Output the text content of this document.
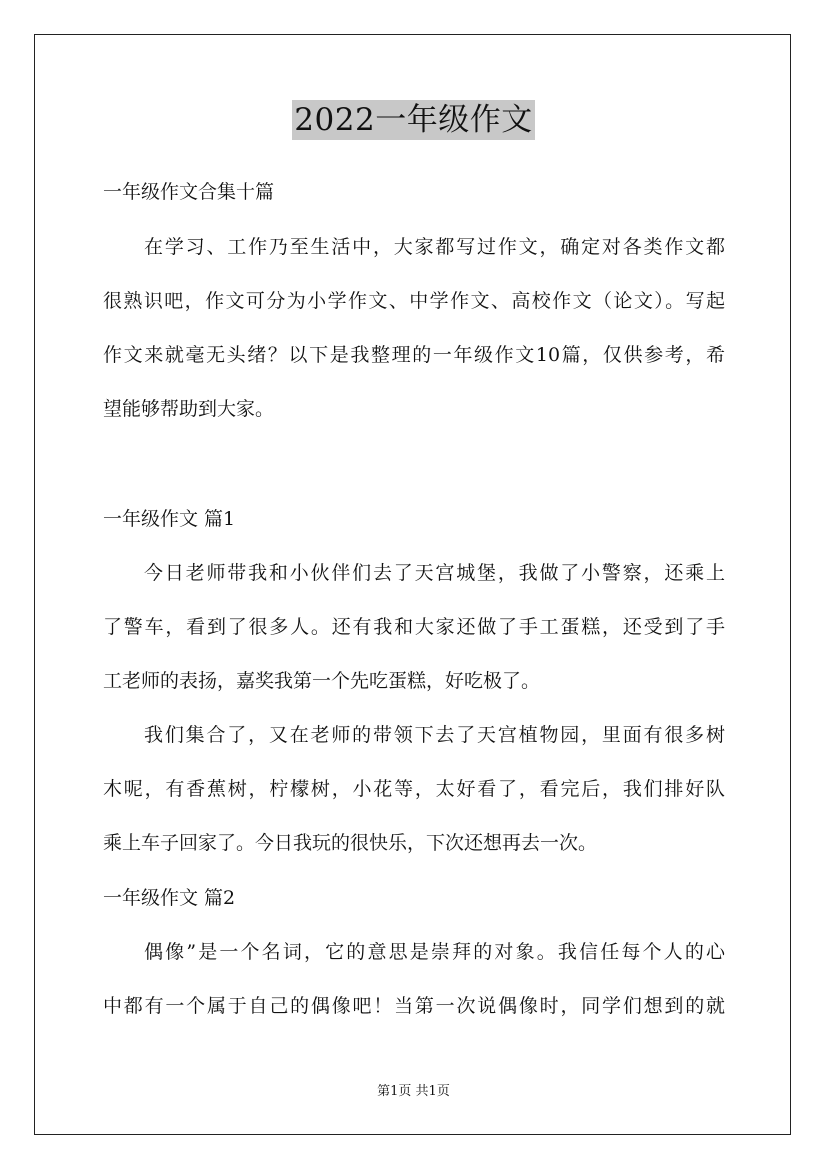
2022一年级作文
一年级作文合集十篇
在学习、工作乃至生活中，大家都写过作文，确定对各类作文都
很熟识吧，作文可分为小学作文、中学作文、高校作文（论文）。写起
作文来就毫无头绪？以下是我整理的一年级作文10篇，仅供参考，希
望能够帮助到大家。
一年级作文 篇1
今日老师带我和小伙伴们去了天宫城堡，我做了小警察，还乘上
了警车，看到了很多人。还有我和大家还做了手工蛋糕，还受到了手
工老师的表扬，嘉奖我第一个先吃蛋糕，好吃极了。
我们集合了，又在老师的带领下去了天宫植物园，里面有很多树
木呢，有香蕉树，柠檬树，小花等，太好看了，看完后，我们排好队
乘上车子回家了。今日我玩的很快乐，下次还想再去一次。
一年级作文 篇2
偶像”是一个名词，它的意思是崇拜的对象。我信任每个人的心
中都有一个属于自己的偶像吧！当第一次说偶像时，同学们想到的就
第1页 共1页
